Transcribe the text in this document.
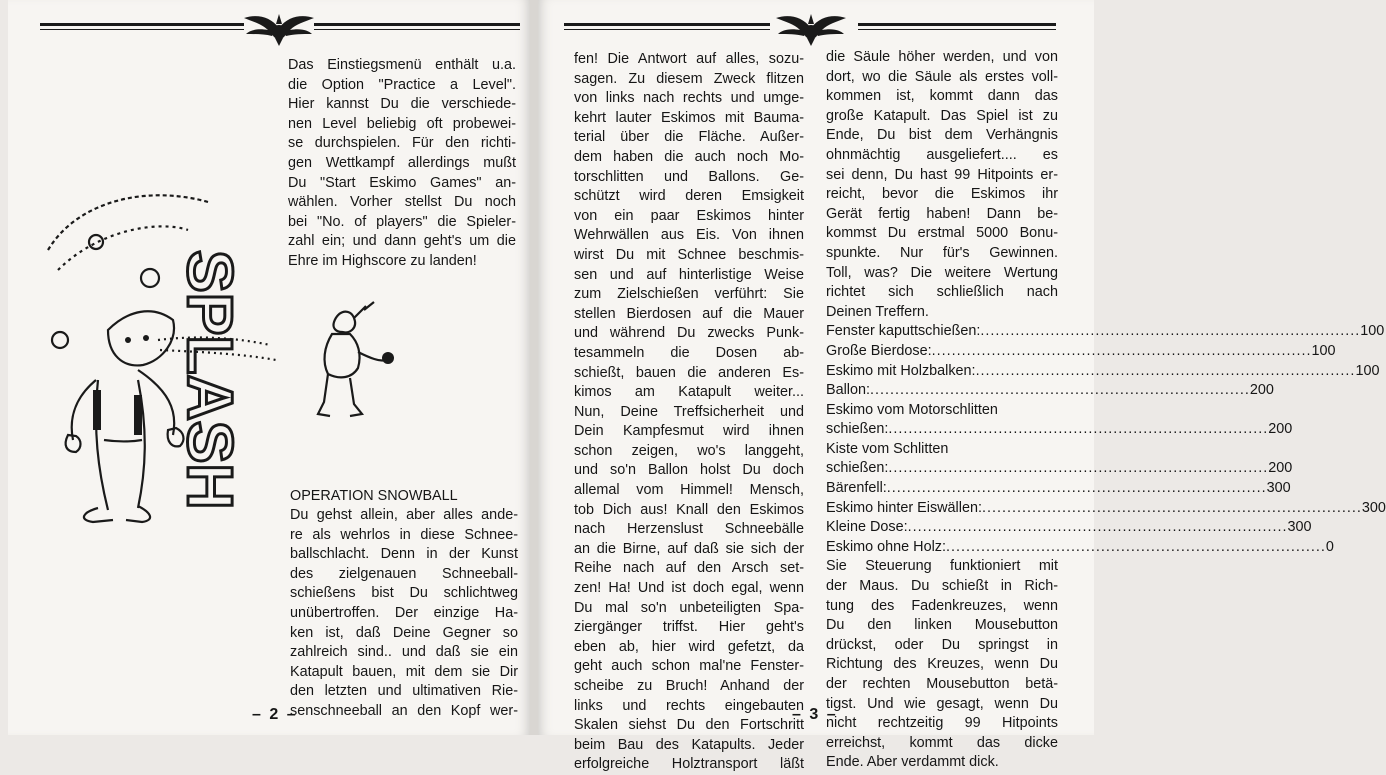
Das Einstiegsmenü enthält u.a.
die Option "Practice a Level".
Hier kannst Du die verschiede-
nen Level beliebig oft probewei-
se durchspielen. Für den richti-
gen Wettkampf allerdings mußt
Du "Start Eskimo Games" an-
wählen. Vorher stellst Du noch
bei "No. of players" die Spieler-
zahl ein; und dann geht's um die
Ehre im Highscore zu landen!
SPLASH	OPERATION SNOWBALL
Du gehst allein, aber alles ande-
re als wehrlos in diese Schnee-
ballschlacht. Denn in der Kunst
des zielgenauen Schneeball-
schießens bist Du schlichtweg
unübertroffen. Der einzige Ha-
ken ist, daß Deine Gegner so
zahlreich sind.. und daß sie ein
Katapult bauen, mit dem sie Dir
den letzten und ultimativen Rie-
senschneeball an den Kopf wer-
– 2 –
fen! Die Antwort auf alles, sozu-
sagen. Zu diesem Zweck flitzen
von links nach rechts und umge-
kehrt lauter Eskimos mit Bauma-
terial über die Fläche. Außer-
dem haben die auch noch Mo-
torschlitten und Ballons. Ge-
schützt wird deren Emsigkeit
von ein paar Eskimos hinter
Wehrwällen aus Eis. Von ihnen
wirst Du mit Schnee beschmis-
sen und auf hinterlistige Weise
zum Zielschießen verführt: Sie
stellen Bierdosen auf die Mauer
und während Du zwecks Punk-
tesammeln die Dosen ab-
schießt, bauen die anderen Es-
kimos am Katapult weiter...
Nun, Deine Treffsicherheit und
Dein Kampfesmut wird ihnen
schon zeigen, wo's langgeht,
und so'n Ballon holst Du doch
allemal vom Himmel! Mensch,
tob Dich aus! Knall den Eskimos
nach Herzenslust Schneebälle
an die Birne, auf daß sie sich der
Reihe nach auf den Arsch set-
zen! Ha! Und ist doch egal, wenn
Du mal so'n unbeteiligten Spa-
ziergänger triffst. Hier geht's
eben ab, hier wird gefetzt, da
geht auch schon mal'ne Fenster-
scheibe zu Bruch! Anhand der
links und rechts eingebauten
Skalen siehst Du den Fortschritt
beim Bau des Katapults. Jeder
erfolgreiche Holztransport läßt
die Säule höher werden, und von
dort, wo die Säule als erstes voll-
kommen ist, kommt dann das
große Katapult. Das Spiel ist zu
Ende, Du bist dem Verhängnis
ohnmächtig ausgeliefert.... es
sei denn, Du hast 99 Hitpoints er-
reicht, bevor die Eskimos ihr
Gerät fertig haben! Dann be-
kommst Du erstmal 5000 Bonu-
spunkte. Nur für's Gewinnen.
Toll, was? Die weitere Wertung
richtet sich schließlich nach
Deinen Treffern.
Fenster kaputtschießen: .....	100
Große Bierdose: .....	100
Eskimo mit Holzbalken: .....	100
Ballon: .....	200
Eskimo vom Motorschlitten
schießen: .....	200
Kiste vom Schlitten
schießen: .....	200
Bärenfell: .....	300
Eskimo hinter Eiswällen: .....	300
Kleine Dose: .....	300
Eskimo ohne Holz: .....	0
Sie Steuerung funktioniert mit
der Maus. Du schießt in Rich-
tung des Fadenkreuzes, wenn
Du den linken Mousebutton
drückst, oder Du springst in
Richtung des Kreuzes, wenn Du
der rechten Mousebutton betä-
tigst. Und wie gesagt, wenn Du
nicht rechtzeitig 99 Hitpoints
erreichst, kommt das dicke
Ende. Aber verdammt dick.
– 3 –
